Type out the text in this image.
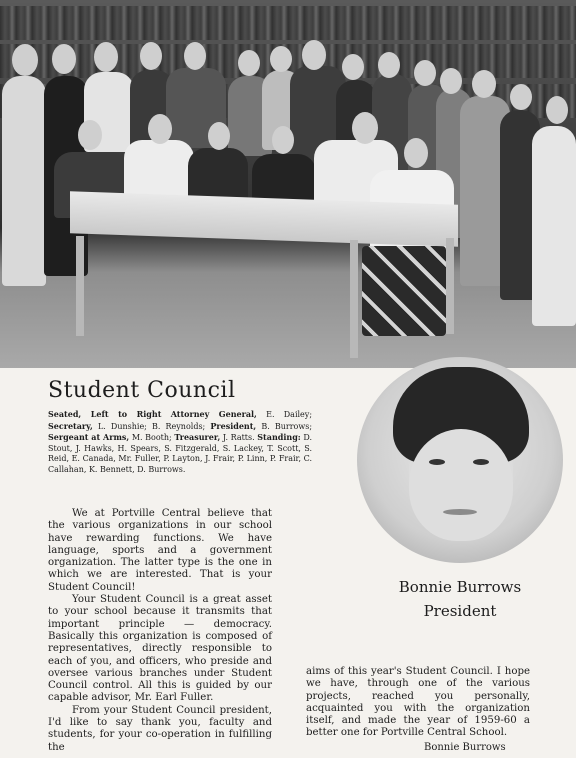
Student Council

Seated, Left to Right Attorney General, E. Dailey; Secretary, L. Dunshie; B. Reynolds; President, B. Burrows; Sergeant at Arms, M. Booth; Treasurer, J. Ratts. Standing: D. Stout, J. Hawks, H. Spears, S. Fitzgerald, S. Lackey, T. Scott, S. Reid, E. Canada, Mr. Fuller, P. Layton, J. Frair, P. Linn, P. Frair, C. Callahan, K. Bennett, D. Burrows.

Bonnie Burrows

President

We at Portville Central believe that the various organizations in our school have rewarding functions. We have language, sports and a government organization. The latter type is the one in which we are interested. That is your Student Council!

Your Student Council is a great asset to your school because it transmits that important principle — democracy. Basically this organization is composed of representatives, directly responsible to each of you, and officers, who preside and oversee various branches under Student Council control. All this is guided by our capable advisor, Mr. Earl Fuller.

From your Student Council president, I'd like to say thank you, faculty and students, for your co-operation in fulfilling the

aims of this year's Student Council. I hope we have, through one of the various projects, reached you personally, acquainted you with the organization itself, and made the year of 1959-60 a better one for Portville Central School.

Bonnie Burrows
